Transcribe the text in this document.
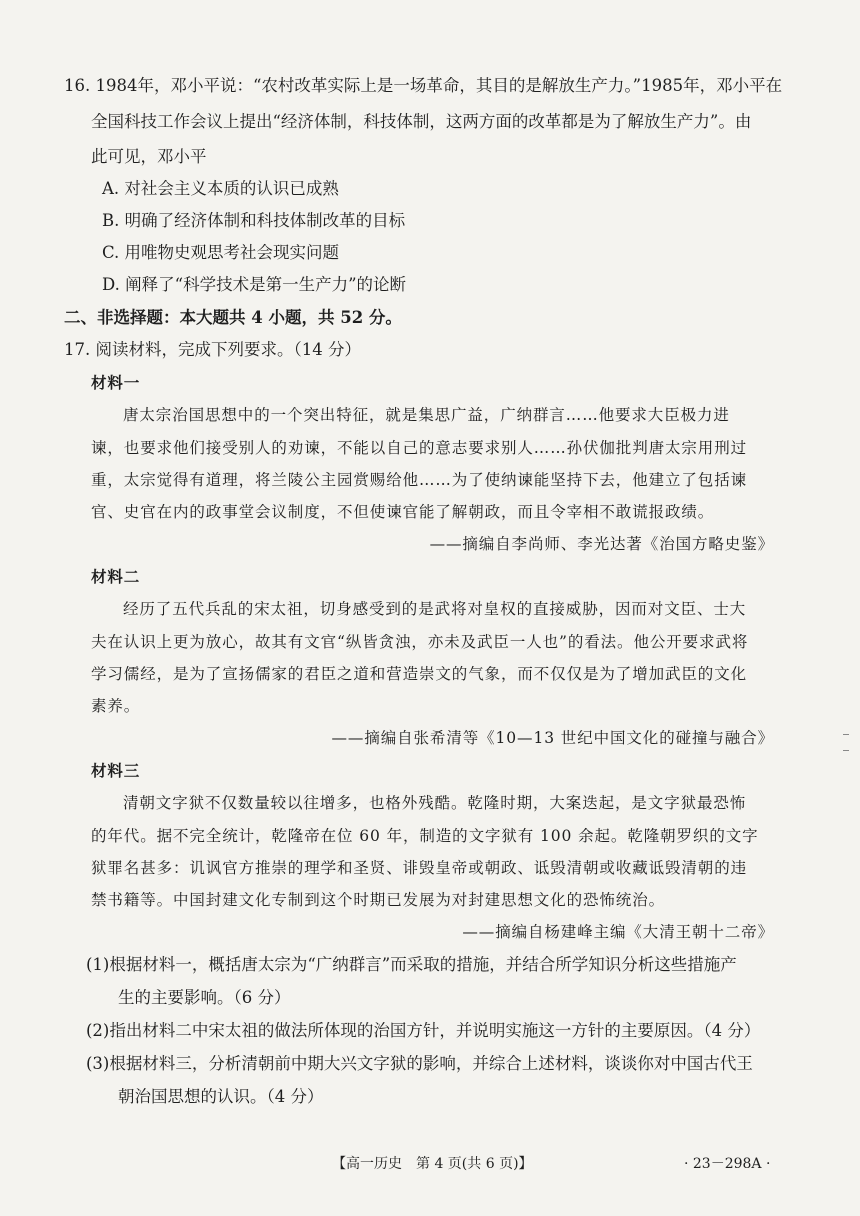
16. 1984年，邓小平说：“农村改革实际上是一场革命，其目的是解放生产力。”1985年，邓小平在
全国科技工作会议上提出“经济体制，科技体制，这两方面的改革都是为了解放生产力”。由
此可见，邓小平
A. 对社会主义本质的认识已成熟
B. 明确了经济体制和科技体制改革的目标
C. 用唯物史观思考社会现实问题
D. 阐释了“科学技术是第一生产力”的论断
二、非选择题：本大题共 4 小题，共 52 分。
17. 阅读材料，完成下列要求。（14 分）
材料一
唐太宗治国思想中的一个突出特征，就是集思广益，广纳群言……他要求大臣极力进
谏，也要求他们接受别人的劝谏，不能以自己的意志要求别人……孙伏伽批判唐太宗用刑过
重，太宗觉得有道理，将兰陵公主园赏赐给他……为了使纳谏能坚持下去，他建立了包括谏
官、史官在内的政事堂会议制度，不但使谏官能了解朝政，而且令宰相不敢谎报政绩。
——摘编自李尚师、李光达著《治国方略史鉴》
材料二
经历了五代兵乱的宋太祖，切身感受到的是武将对皇权的直接威胁，因而对文臣、士大
夫在认识上更为放心，故其有文官“纵皆贪浊，亦未及武臣一人也”的看法。他公开要求武将
学习儒经，是为了宣扬儒家的君臣之道和营造崇文的气象，而不仅仅是为了增加武臣的文化
素养。
——摘编自张希清等《10—13 世纪中国文化的碰撞与融合》
材料三
清朝文字狱不仅数量较以往增多，也格外残酷。乾隆时期，大案迭起，是文字狱最恐怖
的年代。据不完全统计，乾隆帝在位 60 年，制造的文字狱有 100 余起。乾隆朝罗织的文字
狱罪名甚多：讥讽官方推崇的理学和圣贤、诽毁皇帝或朝政、诋毁清朝或收藏诋毁清朝的违
禁书籍等。中国封建文化专制到这个时期已发展为对封建思想文化的恐怖统治。
——摘编自杨建峰主编《大清王朝十二帝》
(1)根据材料一，概括唐太宗为“广纳群言”而采取的措施，并结合所学知识分析这些措施产
生的主要影响。（6 分）
(2)指出材料二中宋太祖的做法所体现的治国方针，并说明实施这一方针的主要原因。（4 分）
(3)根据材料三，分析清朝前中期大兴文字狱的影响，并综合上述材料，谈谈你对中国古代王
朝治国思想的认识。（4 分）
【高一历史　第 4 页(共 6 页)】	· 23－298A ·
